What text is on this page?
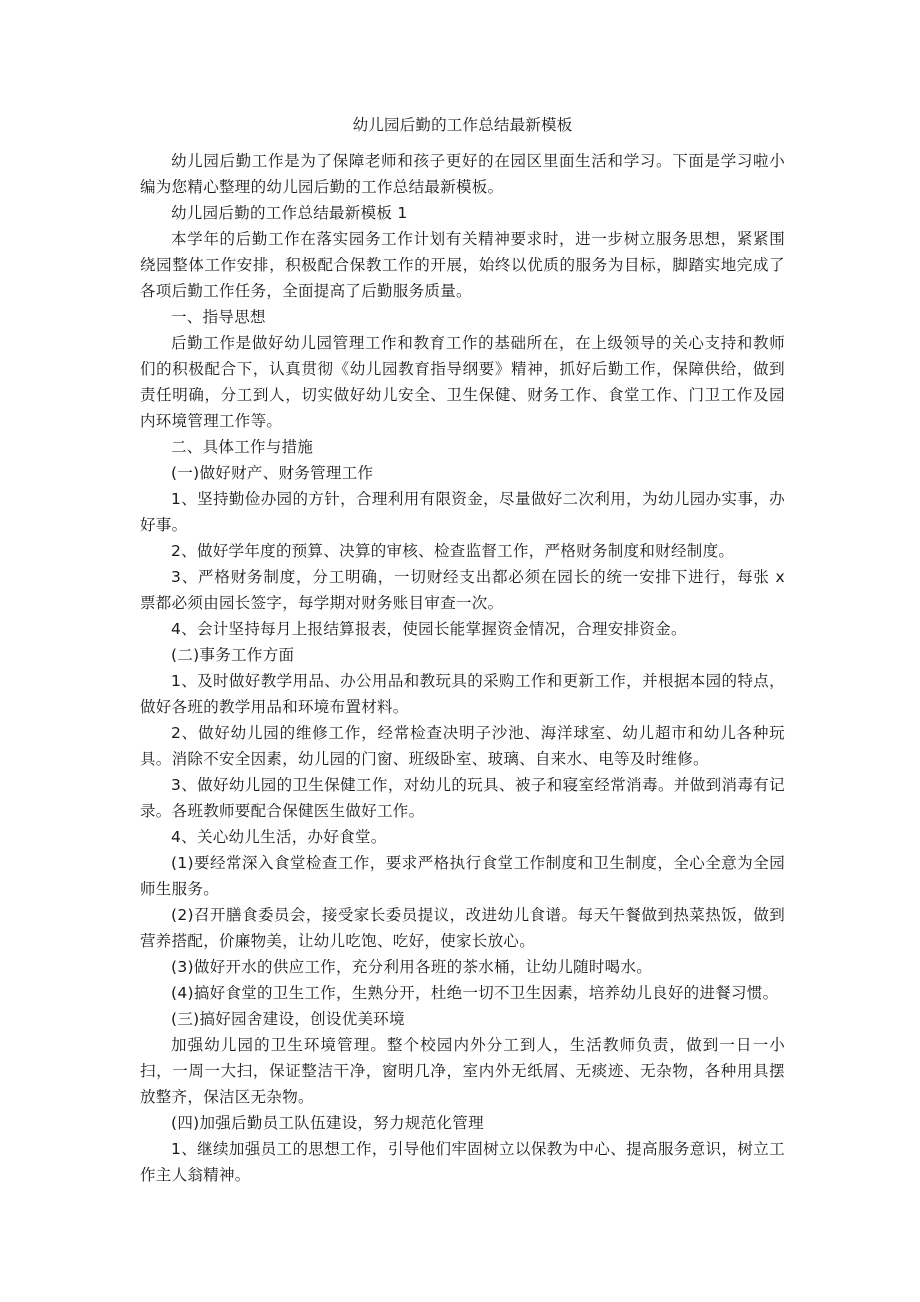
幼儿园后勤的工作总结最新模板

幼儿园后勤工作是为了保障老师和孩子更好的在园区里面生活和学习。下面是学习啦小编为您精心整理的幼儿园后勤的工作总结最新模板。

幼儿园后勤的工作总结最新模板 1

本学年的后勤工作在落实园务工作计划有关精神要求时，进一步树立服务思想，紧紧围绕园整体工作安排，积极配合保教工作的开展，始终以优质的服务为目标，脚踏实地完成了各项后勤工作任务，全面提高了后勤服务质量。

一、指导思想

后勤工作是做好幼儿园管理工作和教育工作的基础所在，在上级领导的关心支持和教师们的积极配合下，认真贯彻《幼儿园教育指导纲要》精神，抓好后勤工作，保障供给，做到责任明确，分工到人，切实做好幼儿安全、卫生保健、财务工作、食堂工作、门卫工作及园内环境管理工作等。

二、具体工作与措施

(一)做好财产、财务管理工作

1、坚持勤俭办园的方针，合理利用有限资金，尽量做好二次利用，为幼儿园办实事，办好事。

2、做好学年度的预算、决算的审核、检查监督工作，严格财务制度和财经制度。

3、严格财务制度，分工明确，一切财经支出都必须在园长的统一安排下进行，每张 x 票都必须由园长签字，每学期对财务账目审查一次。

4、会计坚持每月上报结算报表，使园长能掌握资金情况，合理安排资金。

(二)事务工作方面

1、及时做好教学用品、办公用品和教玩具的采购工作和更新工作，并根据本园的特点，做好各班的教学用品和环境布置材料。

2、做好幼儿园的维修工作，经常检查决明子沙池、海洋球室、幼儿超市和幼儿各种玩具。消除不安全因素，幼儿园的门窗、班级卧室、玻璃、自来水、电等及时维修。

3、做好幼儿园的卫生保健工作，对幼儿的玩具、被子和寝室经常消毒。并做到消毒有记录。各班教师要配合保健医生做好工作。

4、关心幼儿生活，办好食堂。

(1)要经常深入食堂检查工作，要求严格执行食堂工作制度和卫生制度，全心全意为全园师生服务。

(2)召开膳食委员会，接受家长委员提议，改进幼儿食谱。每天午餐做到热菜热饭，做到营养搭配，价廉物美，让幼儿吃饱、吃好，使家长放心。

(3)做好开水的供应工作，充分利用各班的茶水桶，让幼儿随时喝水。

(4)搞好食堂的卫生工作，生熟分开，杜绝一切不卫生因素，培养幼儿良好的进餐习惯。

(三)搞好园舍建设，创设优美环境

加强幼儿园的卫生环境管理。整个校园内外分工到人，生活教师负责，做到一日一小扫，一周一大扫，保证整洁干净，窗明几净，室内外无纸屑、无痰迹、无杂物，各种用具摆放整齐，保洁区无杂物。

(四)加强后勤员工队伍建设，努力规范化管理

1、继续加强员工的思想工作，引导他们牢固树立以保教为中心、提高服务意识，树立工作主人翁精神。
